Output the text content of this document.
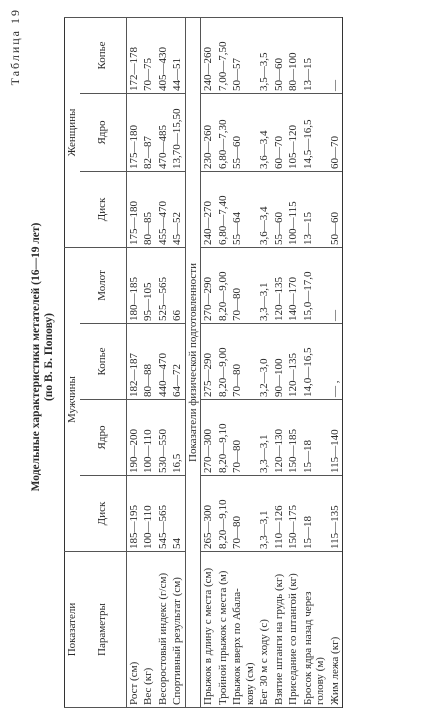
Таблица 19
Модельные характеристики метателей (16—19 лет) (по В. Б. Попову)
Показатели	Мужчины				Женщины		
Параметры	Диск	Ядро	Копье	Молот	Диск	Ядро	Копье
Рост (см)	185—195	190—200	182—187	180—185	175—180	175—180	172—178
Вес (кг)	100—110	100—110	80—88	95—105	80—85	82—87	70—75
Весоростовый индекс (г/см)	545—565	530—550	440—470	525—565	455—470	470—485	405—430
Спортивный результат (см)	54	16,5	64—72	66	45—52	13,70—15,50	44—51
Показатели физической подготовленности							

Прыжок в длину с места (см)	265—300	270—300	275—290	270—290	240—270	230—260	240—260

Тройной прыжок с места (м)	8,20—9,10	8,20—9,10	8,20—9,00	8,20—9,00	6,80—7,40	6,80—7,30	7,00—7,50

Прыжок вверх по Абала- кову (см)	70—80	70—80	70—80	70—80	55—64	55—60	50—57

Бег 30 м с ходу (с)	3,3—3,1	3,3—3,1	3,2—3,0	3,3—3,1	3,6—3,4	3,6—3,4	3,5—3,5

Взятие штанги на грудь (кг)	110—126	120—130	90—100	120—135	55—60	60—70	50—60

Приседание со штангой (кг)	150—175	150—185	120—135	140—170	100—115	105—120	80—100

Бросок ядра назад через голову (м)	15—18	15—18	14,0—16,5	15,0—17,0	13—15	14,5—16,5	13—15

Жим лежа (кг)	115—135	115—140	— ,	—	50—60	60—70	—
